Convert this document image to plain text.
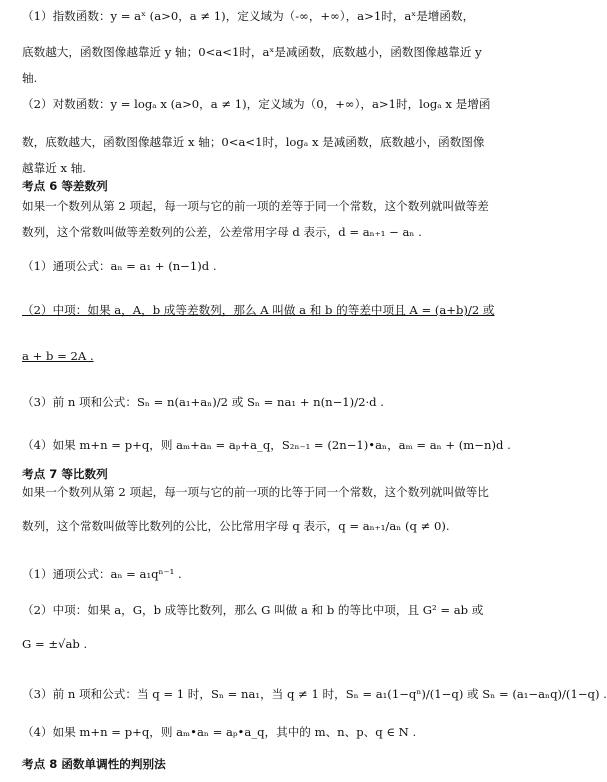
（1）指数函数：y = aˣ (a>0，a ≠ 1)，定义域为（-∞，+∞），a>1时，aˣ是增函数，
底数越大，函数图像越靠近 y 轴；0<a<1时，aˣ是减函数，底数越小，函数图像越靠近 y
轴.
（2）对数函数：y = logₐ x (a>0，a ≠ 1)，定义域为（0，+∞），a>1时，logₐ x 是增函
数，底数越大，函数图像越靠近 x 轴；0<a<1时，logₐ x 是减函数，底数越小，函数图像
越靠近 x 轴.
考点 6 等差数列
如果一个数列从第 2 项起，每一项与它的前一项的差等于同一个常数，这个数列就叫做等差
数列，这个常数叫做等差数列的公差，公差常用字母 d 表示，d = aₙ₊₁ − aₙ .
（1）通项公式：aₙ = a₁ + (n−1)d .
（2）中项：如果 a，A，b 成等差数列，那么 A 叫做 a 和 b 的等差中项且 A = (a+b)/2 或
a + b = 2A .
（3）前 n 项和公式：Sₙ = n(a₁+aₙ)/2 或 Sₙ = na₁ + n(n−1)/2·d .
（4）如果 m+n = p+q，则 aₘ+aₙ = aₚ+a_q，S₂ₙ₋₁ = (2n−1)•aₙ，aₘ = aₙ + (m−n)d .
考点 7 等比数列
如果一个数列从第 2 项起，每一项与它的前一项的比等于同一个常数，这个数列就叫做等比
数列，这个常数叫做等比数列的公比，公比常用字母 q 表示，q = aₙ₊₁/aₙ (q ≠ 0).
（1）通项公式：aₙ = a₁qⁿ⁻¹ .
（2）中项：如果 a，G，b 成等比数列，那么 G 叫做 a 和 b 的等比中项，且 G² = ab 或
G = ±√ab .
（3）前 n 项和公式：当 q = 1 时，Sₙ = na₁，当 q ≠ 1 时，Sₙ = a₁(1−qⁿ)/(1−q) 或 Sₙ = (a₁−aₙq)/(1−q) .
（4）如果 m+n = p+q，则 aₘ•aₙ = aₚ•a_q，其中的 m、n、p、q ∈ N .
考点 8 函数单调性的判别法
